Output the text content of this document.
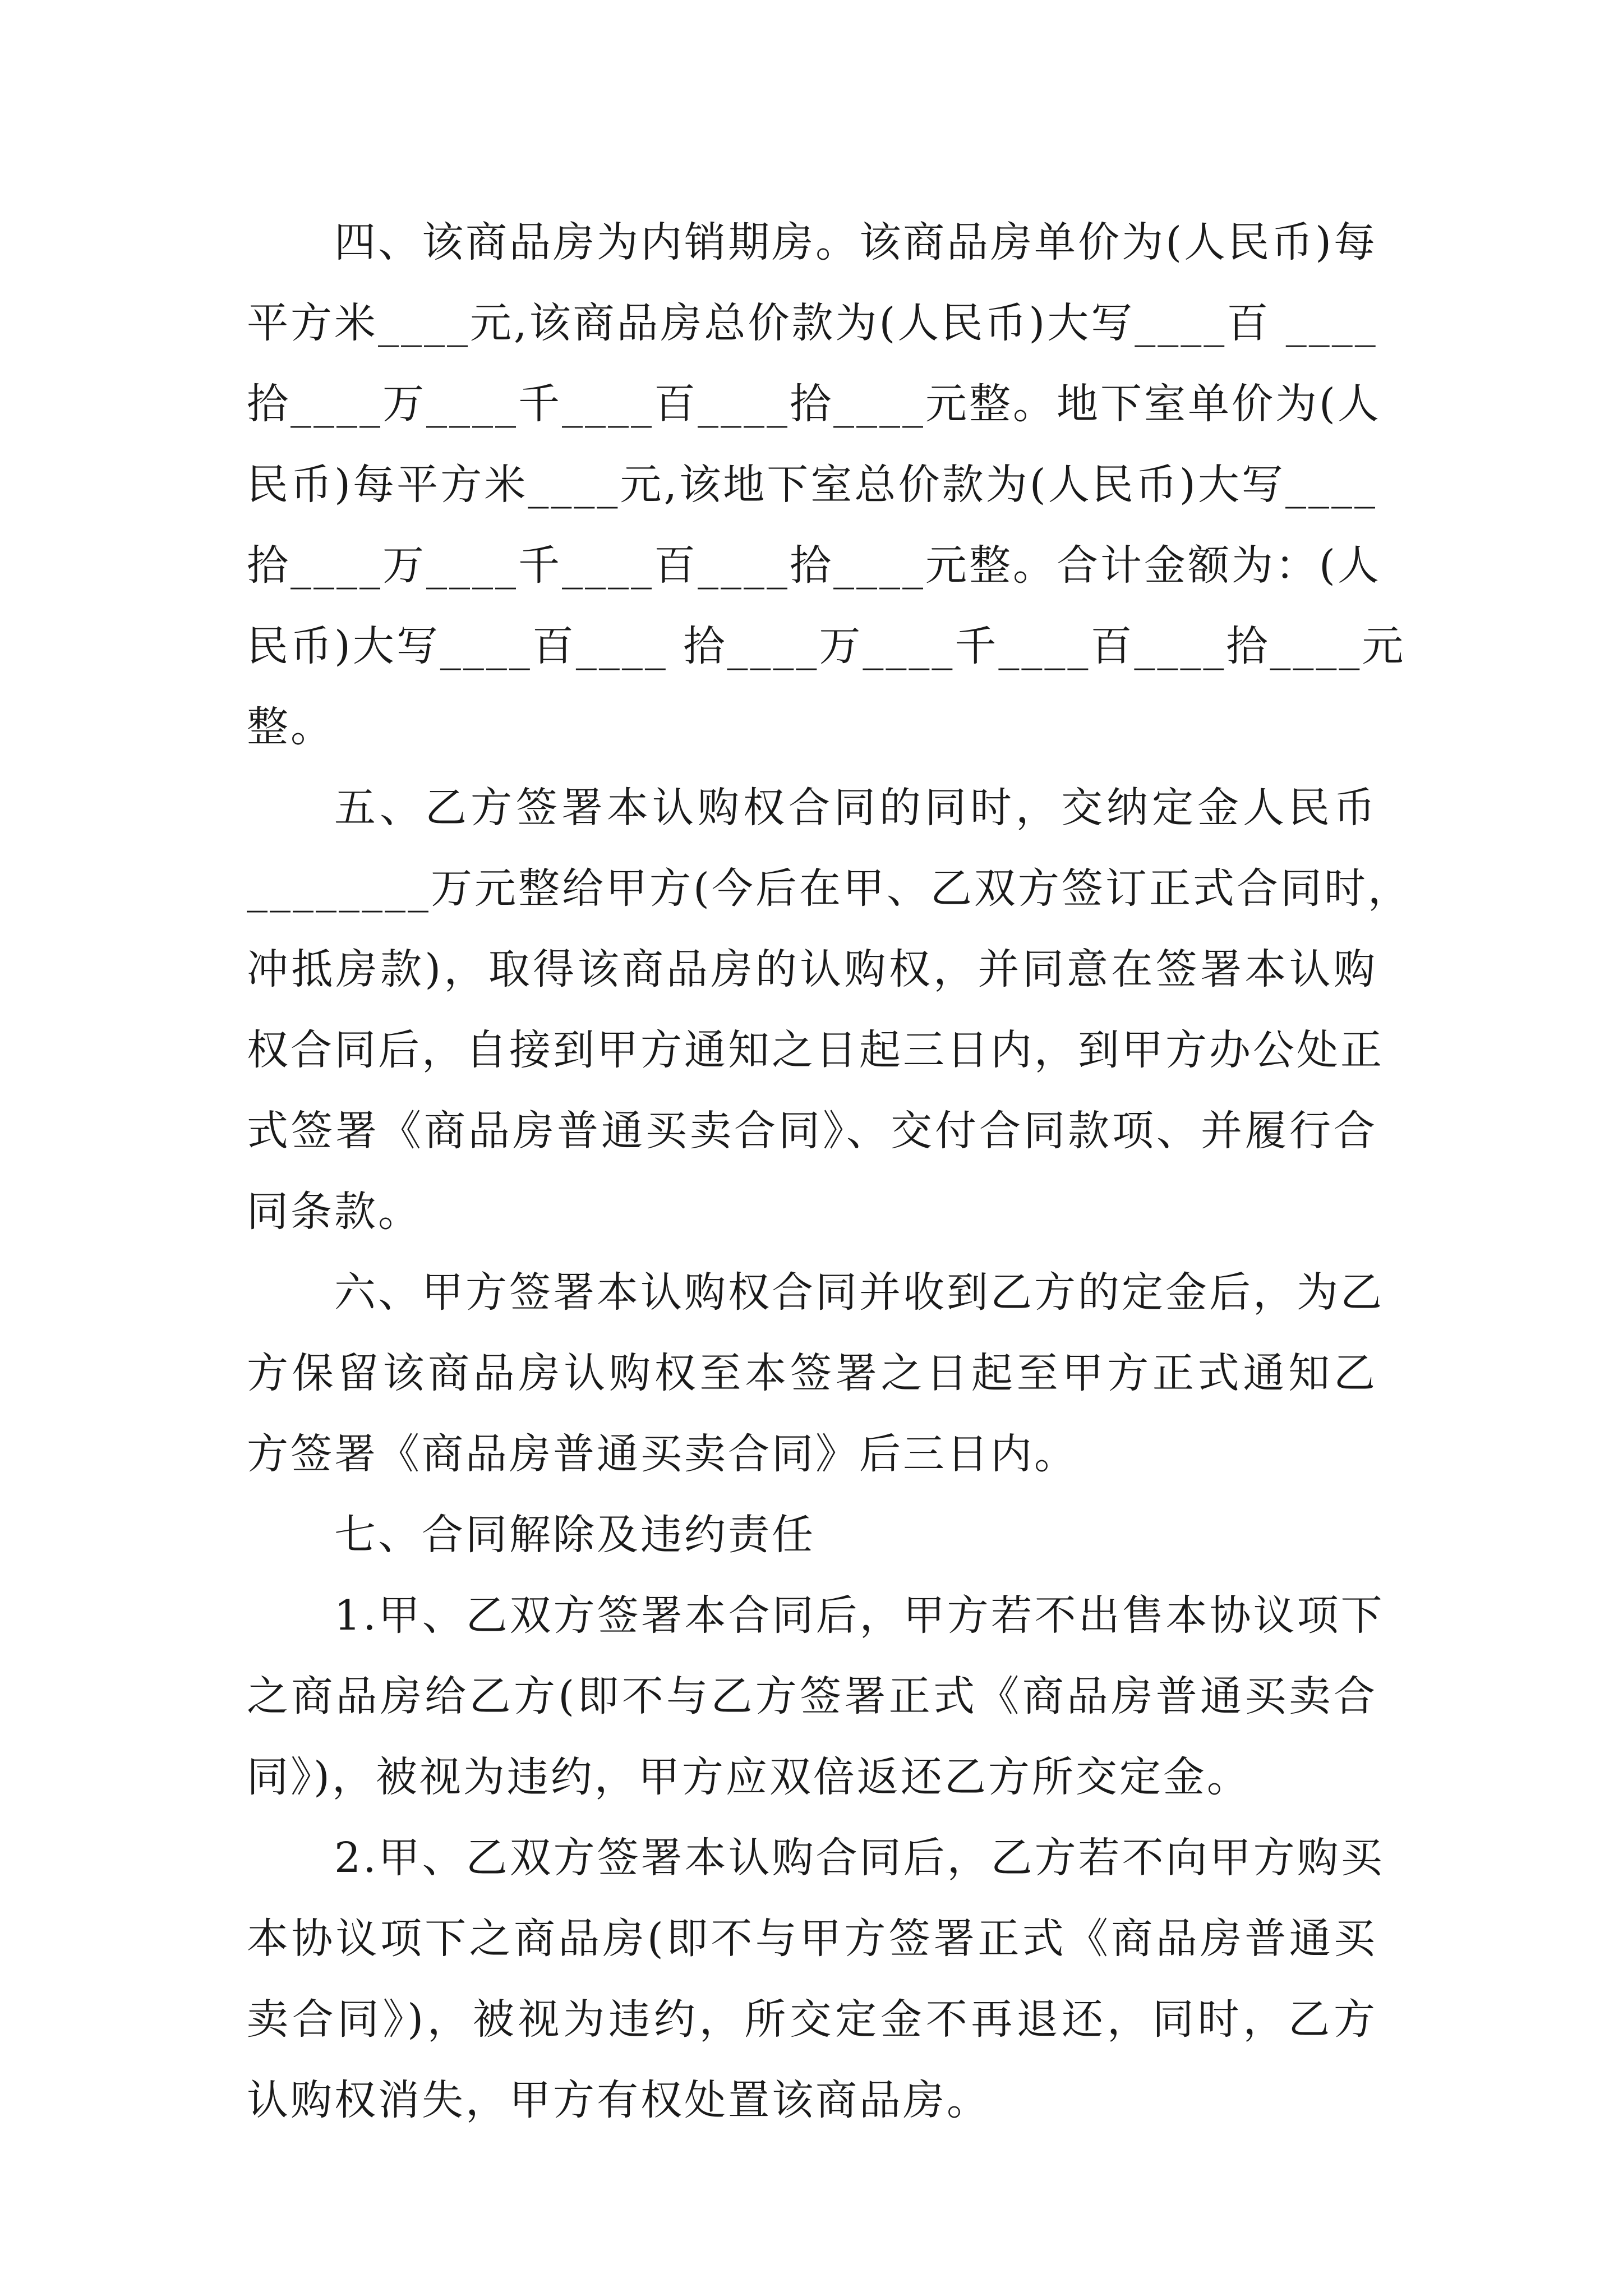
四、该商品房为内销期房。该商品房单价为(人民币)每
平方米____元,该商品房总价款为(人民币)大写____百 ____
拾____万____千____百____拾____元整。地下室单价为(人
民币)每平方米____元,该地下室总价款为(人民币)大写____
拾____万____千____百____拾____元整。合计金额为：(人
民币)大写____百____ 拾____万____千____百____拾____元
整。
五、乙方签署本认购权合同的同时，交纳定金人民币
________万元整给甲方(今后在甲、乙双方签订正式合同时，
冲抵房款)，取得该商品房的认购权，并同意在签署本认购
权合同后，自接到甲方通知之日起三日内，到甲方办公处正
式签署《商品房普通买卖合同》、交付合同款项、并履行合
同条款。
六、甲方签署本认购权合同并收到乙方的定金后，为乙
方保留该商品房认购权至本签署之日起至甲方正式通知乙
方签署《商品房普通买卖合同》后三日内。
七、合同解除及违约责任
1.甲、乙双方签署本合同后，甲方若不出售本协议项下
之商品房给乙方(即不与乙方签署正式《商品房普通买卖合
同》)，被视为违约，甲方应双倍返还乙方所交定金。
2.甲、乙双方签署本认购合同后，乙方若不向甲方购买
本协议项下之商品房(即不与甲方签署正式《商品房普通买
卖合同》)，被视为违约，所交定金不再退还，同时，乙方
认购权消失，甲方有权处置该商品房。
